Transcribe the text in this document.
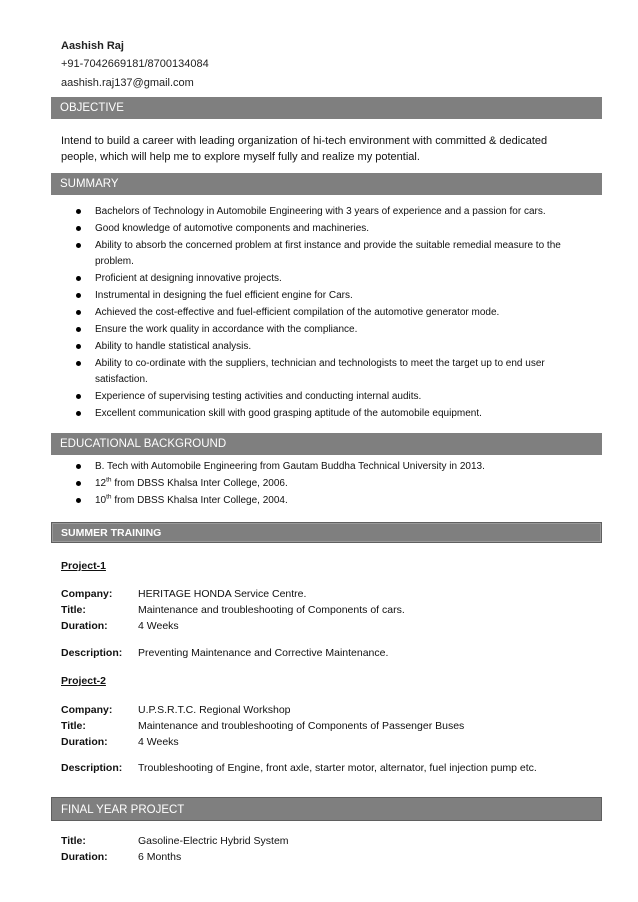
Aashish Raj
+91-7042669181/8700134084
aashish.raj137@gmail.com
OBJECTIVE
Intend to build a career with leading organization of hi-tech environment with committed & dedicated
people, which will help me to explore myself fully and realize my potential.
SUMMARY
Bachelors of Technology in Automobile Engineering with 3 years of experience and a passion for cars.
Good knowledge of automotive components and machineries.
Ability to absorb the concerned problem at first instance and provide the suitable remedial measure to the problem.
Proficient at designing innovative projects.
Instrumental in designing the fuel efficient engine for Cars.
Achieved the cost-effective and fuel-efficient compilation of the automotive generator mode.
Ensure the work quality in accordance with the compliance.
Ability to handle statistical analysis.
Ability to co-ordinate with the suppliers, technician and technologists to meet the target up to end user satisfaction.
Experience of supervising testing activities and conducting internal audits.
Excellent communication skill with good grasping aptitude of the automobile equipment.
EDUCATIONAL BACKGROUND
B. Tech with Automobile Engineering from Gautam Buddha Technical University in 2013.
12th from DBSS Khalsa Inter College, 2006.
10th from DBSS Khalsa Inter College, 2004.
SUMMER TRAINING
Project-1
Company: HERITAGE HONDA Service Centre.
Title:	Maintenance and troubleshooting of Components of cars.
Duration:	4 Weeks
Description: Preventing Maintenance and Corrective Maintenance.
Project-2
Company: U.P.S.R.T.C. Regional Workshop
Title:	Maintenance and troubleshooting of Components of Passenger Buses
Duration:	4 Weeks
Description: Troubleshooting of Engine, front axle, starter motor, alternator, fuel injection pump etc.
FINAL YEAR PROJECT
Title:	Gasoline-Electric Hybrid System
Duration:	6 Months
